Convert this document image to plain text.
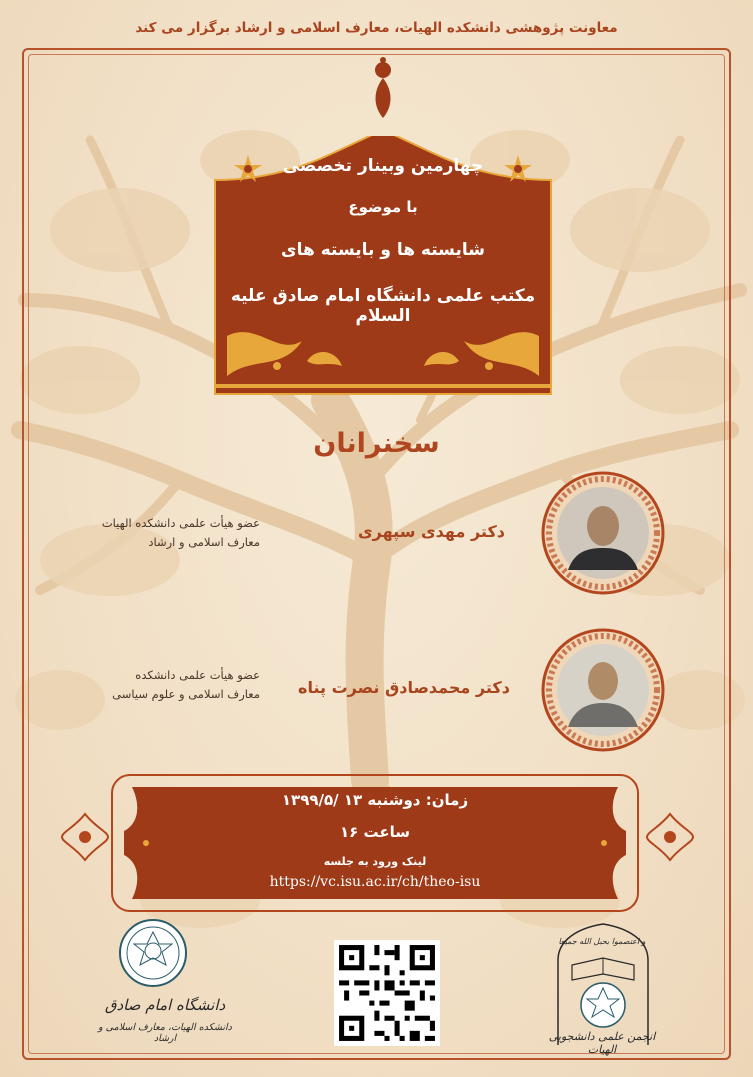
معاونت پژوهشی دانشکده الهیات، معارف اسلامی و ارشاد برگزار می کند
چهارمین وبینار تخصصی
با موضوع
شایسته ها و بایسته های
مکتب علمی دانشگاه امام صادق علیه السلام
سخنرانان
دکتر مهدی سپهری
عضو هیأت علمی دانشکده الهیات
معارف اسلامی و ارشاد
دکتر محمدصادق نصرت پناه
عضو هیأت علمی دانشکده
معارف اسلامی و علوم سیاسی
زمان: دوشنبه ۱۳ /۱۳۹۹/۵
ساعت ۱۶
لینک ورود به جلسه
https://vc.isu.ac.ir/ch/theo-isu
دانشگاه امام صادق
دانشکده الهیات، معارف اسلامی و ارشاد
و اعتصموا بحبل الله جمیعا
انجمن علمی دانشجویی الهیات
